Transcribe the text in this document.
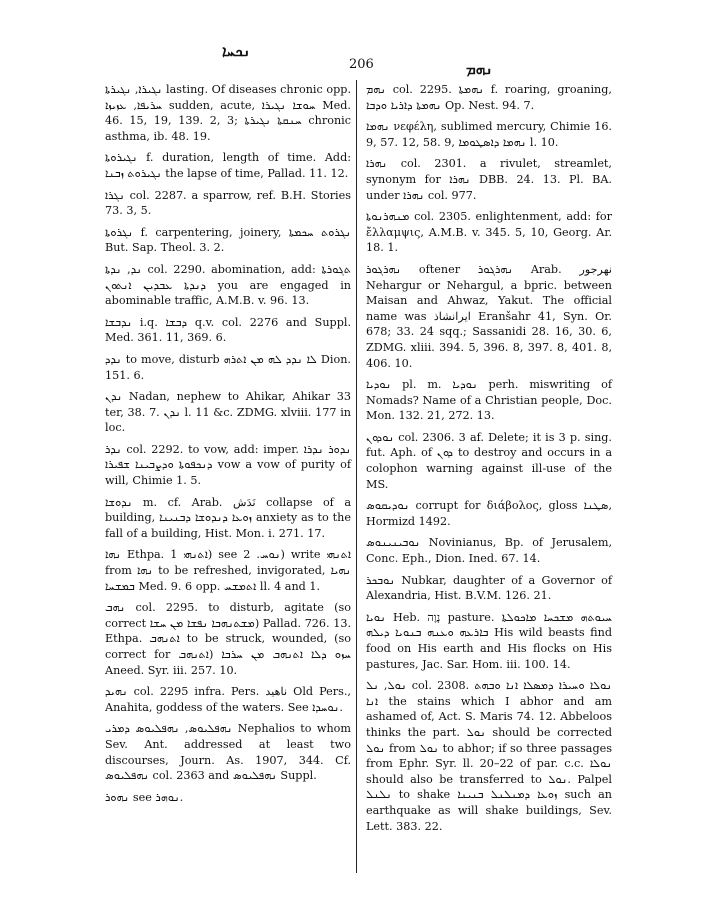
ܢܟܚܐ
206	ܢܗܡ

ܢܓܝܪܐ, ܢܓܝܪܬܐ lasting. Of diseases chronic opp. ܚܪܝܦܐ, ܥܙܝܙܐ sudden, acute, ܚܘܫܐ ܢܓܝܪܐ Med. 46. 15, 19, 139. 2, 3; ܚܢܩܬܐ ܢܓܝܪܬܐ chronic asthma, ib. 48. 19.

ܢܓܝܪܘܬܐ f. duration, length of time. Add: ܢܓܝܪܘܬ ܙܒܢܐ the lapse of time, Pallad. 11. 12.

ܢܓܪܐ col. 2287. a sparrow, ref. B.H. Stories 73. 3, 5.

ܢܓܪܘܬܐ f. carpentering, joinery, ܢܓܪܘܬ ܚܟܡܬܐ But. Sap. Theol. 3. 2.

ܢܕ, ܢܕܬܐ col. 2290. abomination, add: ܬܓܘܪܬܐ ܕܢܕܬܐ ܥܒܕܝܢ ܐܢܬܘܢ you are engaged in abominable traffic, A.M.B. v. 96. 13.

ܢܕܒܫܐ i.q. ܕܒܫܐ q.v. col. 2276 and Suppl. Med. 361. 11, 369. 6.

ܢܕܕ to move, disturb ܠܐ ܢܕܕ ܠܗ ܡܢ ܐܬܪܗ Dion. 151. 6.

ܢܕܢ Nadan, nephew to Ahikar, Ahikar 33 ter, 38. 7. ܢܕܢ l. 11 &c. ZDMG. xlviii. 177 in loc.

ܢܕܪ col. 2292. to vow, add: imper. ܢܕܘܪ ܢܕܪܐ ܕܢܟܦܘܬܐ ܘܕܨܒܝܢܐ ܫܦܝܪܐ vow a vow of purity of will, Chimie 1. 5.

ܢܕܘܫܐ m. cf. Arab. نَدَش collapse of a building, ܙܘܥܐ ܕܢܕܘܫܐ ܕܒܢܝܢܐ anxiety as to the fall of a building, Hist. Mon. i. 271. 17.

ܢܗܐ Ethpa. ܐܬܢܗܝ 1) see ܢܘܚ. 2) write ܐܬܢܗܝ from ܢܗܐ to be refreshed, invigorated, ܢܗܝܐ ܒܡܫܚܐ Med. 9. 6 opp. ܐܬܡܫܚ ll. 4 and 1.

ܢܗܒ col. 2295. to disturb, agitate (so correct ܡܫܬܢܗܒܐ ܢܦܫܐ ܡܢ ܚܫܐ) Pallad. 726. 13. Ethpa. ܐܬܢܗܒ to be struck, wounded, (so correct for ܐܬܢܗܒ) ܚܙܘ ܕܠܐ ܐܬܢܗܒ ܡܢ ܚܪܒܐ Aneed. Syr. iii. 257. 10.

ܢܗܝܕ col. 2295 infra. Pers. ناهيد Old Pers., Anahita, goddess of the waters. See ܢܘܚܕܐ.

ܢܗܦܠܝܘܣ, ܢܗܦܠܝܘܣ ܕܡܪܝ Nephalios to whom Sev. Ant. addressed at least two discourses, Journ. As. 1907, 344. Cf. ܢܗܦܠܝܘܣ col. 2363 and ܢܗܦܠܝܘܣ Suppl.

ܢܗܘܪ see ܢܘܗܪ.

ܢܗܡ col. 2295. ܢܗܡܬܐ f. roaring, groaning, ܢܗܡܬܐ ܕܐܪܝܐ ܘܕܒܐ Op. Nest. 94. 7.

ܢܗܡܐ νεφέλη, sublimed mercury, Chimie 16. 9, 57. 12, 58. 9, ܢܗܡܐ ܕܐܣܛܘܡܐ l. 10.

ܢܗܪܐ col. 2301. a rivulet, streamlet, synonym for ܢܗܪܐ DBB. 24. 13. Pl. BA. under ܢܗܪܐ col. 977.

ܡܢܗܪܢܘܬܐ col. 2305. enlightenment, add: for ἔλλαμψις, A.M.B. v. 345. 5, 10, Georg. Ar. 18. 1.

ܢܗܪܓܘܪ oftener ܢܗܪܓܘܪ Arab. نهرجور Nehargur or Nehargul, a bpric. between Maisan and Ahwaz, Yakut. The official name was ايرانشاذ Eranšahr 41, Syn. Or. 678; 33. 24 sqq.; Sassanidi 28. 16, 30. 6, ZDMG. xliii. 394. 5, 396. 8, 397. 8, 401. 8, 406. 10.

ܢܘܕܝܐ pl. m. ܢܘܕܝܐ perh. miswriting of Nomads? Name of a Christian people, Doc. Mon. 132. 21, 272. 13.

ܢܘܕܘܢ col. 2306. 3 af. Delete; it is 3 p. sing. fut. Aph. of ܕܘܢ to destroy and occurs in a colophon warning against ill-use of the MS.

ܢܘܕܝܩܘܣ corrupt for διάβολος, gloss ܣܛܢܐ, Hormizd 1492.

ܢܘܒܝܢܝܢܘܣ Novinianus, Bp. of Jerusalem, Conc. Eph., Dion. Ined. 67. 14.

ܢܘܒܟܪ Nubkar, daughter of a Governor of Alexandria, Hist. B.V.M. 126. 21.

ܢܘܝܐ Heb. נָוֶה pasture. ܚܝܘܬܗ ܡܫܟܚܐ ܡܐܟܘܠܬܐ ܒܐܪܥܗ ܘܥܢܗ ܒܢܘܝܐ ܕܝܠܗ His wild beasts find food on His earth and His flocks on His pastures, Jac. Sar. Hom. iii. 100. 14.

ܢܘܠ, ܢܠ col. 2308. ܢܘܠܐ ܘܚܝܪܐ ܕܡܣܠܐ ܐܢܐ ܘܒܗܬ ܐܢܐ the stains which I abhor and am ashamed of, Act. S. Maris 74. 12. Abbeloos thinks the part. ܢܘܠ should be corrected ܢܘܠ from ܢܘܠ to abhor; if so three passages from Ephr. Syr. ll. 20–22 of par. c.c. ܢܘܠܐ should also be transferred to ܢܘܠ. Palpel ܢܠܢܠ to shake ܙܘܥܐ ܕܡܢܠܢܠ ܒܢܝܢܐ such an earthquake as will shake buildings, Sev. Lett. 383. 22.
